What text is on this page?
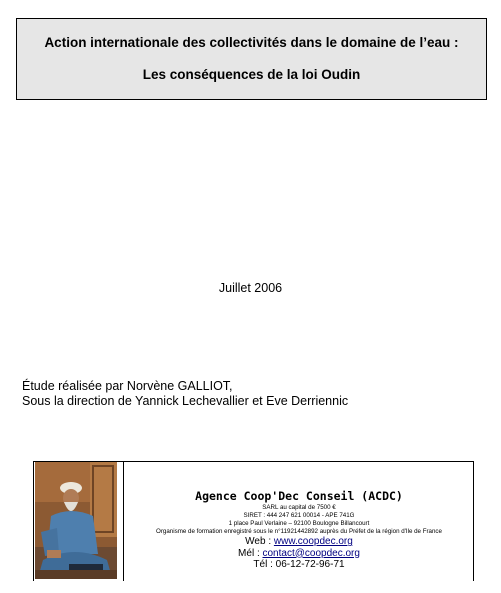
Action internationale des collectivités dans le domaine de l’eau :
Les conséquences de la loi Oudin
Juillet 2006
Étude réalisée par Norvène GALLIOT,
Sous la direction de Yannick Lechevallier et Eve Derriennic
Agence Coop'Dec Conseil (ACDC)
SARL au capital de 7500 €
SIRET : 444 247 621 00014 - APE 741G
1 place Paul Verlaine – 92100 Boulogne Billancourt
Organisme de formation enregistré sous le n°11921442892 auprès du Préfet de la région d'Ile de France
Web : www.coopdec.org
Mél : contact@coopdec.org
Tél : 06-12-72-96-71
